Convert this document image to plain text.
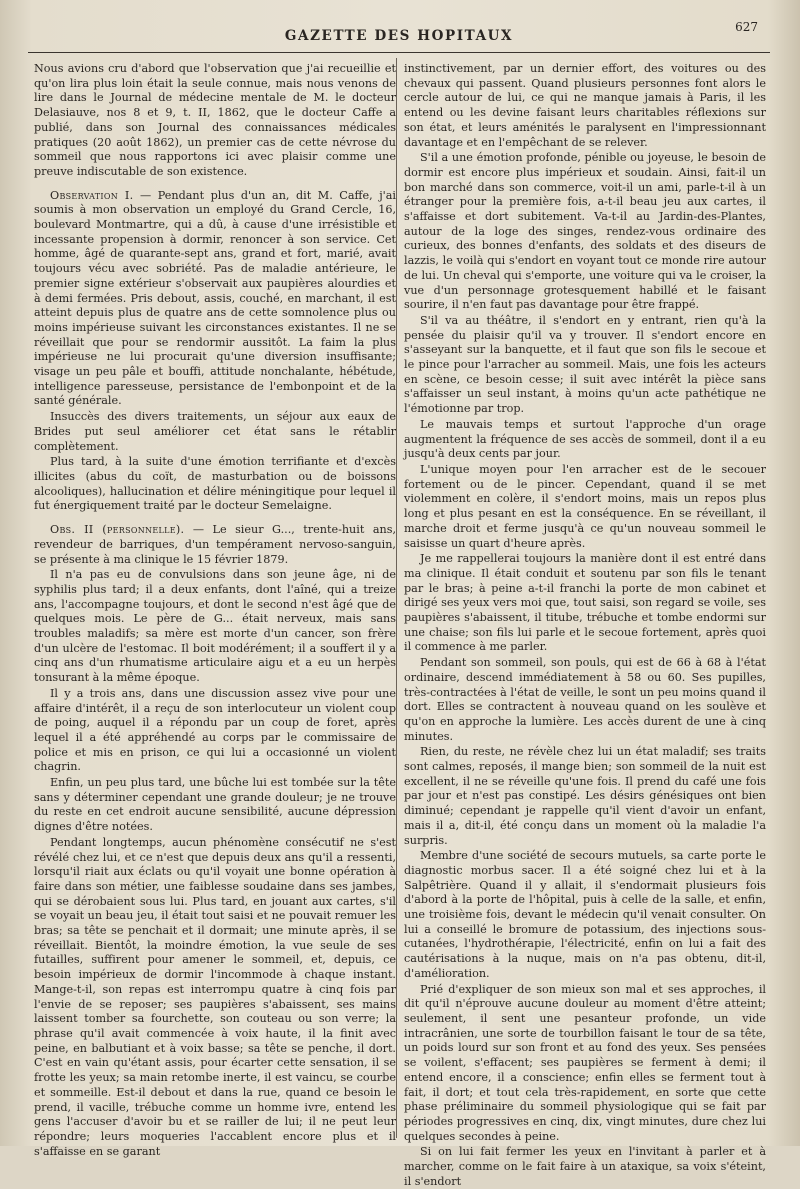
GAZETTE DES HOPITAUX
627

Nous avions cru d'abord que l'observation que j'ai recueillie et qu'on lira plus loin était la seule connue, mais nous venons de lire dans le Journal de médecine mentale de M. le docteur Delasiauve, nos 8 et 9, t. II, 1862, que le docteur Caffe a publié, dans son Journal des connaissances médicales pratiques (20 août 1862), un premier cas de cette névrose du sommeil que nous rapportons ici avec plaisir comme une preuve indiscutable de son existence.

Observation I. — Pendant plus d'un an, dit M. Caffe, j'ai soumis à mon observation un employé du Grand Cercle, 16, boulevard Montmartre, qui a dû, à cause d'une irrésistible et incessante propension à dormir, renoncer à son service. Cet homme, âgé de quarante-sept ans, grand et fort, marié, avait toujours vécu avec sobriété. Pas de maladie antérieure, le premier signe extérieur s'observait aux paupières alourdies et à demi fermées. Pris debout, assis, couché, en marchant, il est atteint depuis plus de quatre ans de cette somnolence plus ou moins impérieuse suivant les circonstances existantes. Il ne se réveillait que pour se rendormir aussitôt. La faim la plus impérieuse ne lui procurait qu'une diversion insuffisante; visage un peu pâle et bouffi, attitude nonchalante, hébétude, intelligence paresseuse, persistance de l'embonpoint et de la santé générale.

Insuccès des divers traitements, un séjour aux eaux de Brides put seul améliorer cet état sans le rétablir complètement.

Plus tard, à la suite d'une émotion terrifiante et d'excès illicites (abus du coït, de masturbation ou de boissons alcooliques), hallucination et délire méningitique pour lequel il fut énergiquement traité par le docteur Semelaigne.

Obs. II (personnelle). — Le sieur G..., trente-huit ans, revendeur de barriques, d'un tempérament nervoso-sanguin, se présente à ma clinique le 15 février 1879.

Il n'a pas eu de convulsions dans son jeune âge, ni de syphilis plus tard; il a deux enfants, dont l'aîné, qui a treize ans, l'accompagne toujours, et dont le second n'est âgé que de quelques mois. Le père de G... était nerveux, mais sans troubles maladifs; sa mère est morte d'un cancer, son frère d'un ulcère de l'estomac. Il boit modérément; il a souffert il y a cinq ans d'un rhumatisme articulaire aigu et a eu un herpès tonsurant à la même époque.

Il y a trois ans, dans une discussion assez vive pour une affaire d'intérêt, il a reçu de son interlocuteur un violent coup de poing, auquel il a répondu par un coup de foret, après lequel il a été appréhendé au corps par le commissaire de police et mis en prison, ce qui lui a occasionné un violent chagrin.

Enfin, un peu plus tard, une bûche lui est tombée sur la tête sans y déterminer cependant une grande douleur; je ne trouve du reste en cet endroit aucune sensibilité, aucune dépression dignes d'être notées.

Pendant longtemps, aucun phénomène consécutif ne s'est révélé chez lui, et ce n'est que depuis deux ans qu'il a ressenti, lorsqu'il riait aux éclats ou qu'il voyait une bonne opération à faire dans son métier, une faiblesse soudaine dans ses jambes, qui se dérobaient sous lui. Plus tard, en jouant aux cartes, s'il se voyait un beau jeu, il était tout saisi et ne pouvait remuer les bras; sa tête se penchait et il dormait; une minute après, il se réveillait. Bientôt, la moindre émotion, la vue seule de ses futailles, suffirent pour amener le sommeil, et, depuis, ce besoin impérieux de dormir l'incommode à chaque instant. Mange-t-il, son repas est interrompu quatre à cinq fois par l'envie de se reposer; ses paupières s'abaissent, ses mains laissent tomber sa fourchette, son couteau ou son verre; la phrase qu'il avait commencée à voix haute, il la finit avec peine, en balbutiant et à voix basse; sa tête se penche, il dort. C'est en vain qu'étant assis, pour écarter cette sensation, il se frotte les yeux; sa main retombe inerte, il est vaincu, se courbe et sommeille. Est-il debout et dans la rue, quand ce besoin le prend, il vacille, trébuche comme un homme ivre, entend les gens l'accuser d'avoir bu et se railler de lui; il ne peut leur répondre; leurs moqueries l'accablent encore plus et il s'affaisse en se garant

instinctivement, par un dernier effort, des voitures ou des chevaux qui passent. Quand plusieurs personnes font alors le cercle autour de lui, ce qui ne manque jamais à Paris, il les entend ou les devine faisant leurs charitables réflexions sur son état, et leurs aménités le paralysent en l'impressionnant davantage et en l'empêchant de se relever.

S'il a une émotion profonde, pénible ou joyeuse, le besoin de dormir est encore plus impérieux et soudain. Ainsi, fait-il un bon marché dans son commerce, voit-il un ami, parle-t-il à un étranger pour la première fois, a-t-il beau jeu aux cartes, il s'affaisse et dort subitement. Va-t-il au Jardin-des-Plantes, autour de la loge des singes, rendez-vous ordinaire des curieux, des bonnes d'enfants, des soldats et des diseurs de lazzis, le voilà qui s'endort en voyant tout ce monde rire autour de lui. Un cheval qui s'emporte, une voiture qui va le croiser, la vue d'un personnage grotesquement habillé et le faisant sourire, il n'en faut pas davantage pour être frappé.

S'il va au théâtre, il s'endort en y entrant, rien qu'à la pensée du plaisir qu'il va y trouver. Il s'endort encore en s'asseyant sur la banquette, et il faut que son fils le secoue et le pince pour l'arracher au sommeil. Mais, une fois les acteurs en scène, ce besoin cesse; il suit avec intérêt la pièce sans s'affaisser un seul instant, à moins qu'un acte pathétique ne l'émotionne par trop.

Le mauvais temps et surtout l'approche d'un orage augmentent la fréquence de ses accès de sommeil, dont il a eu jusqu'à deux cents par jour.

L'unique moyen pour l'en arracher est de le secouer fortement ou de le pincer. Cependant, quand il se met violemment en colère, il s'endort moins, mais un repos plus long et plus pesant en est la conséquence. En se réveillant, il marche droit et ferme jusqu'à ce qu'un nouveau sommeil le saisisse un quart d'heure après.

Je me rappellerai toujours la manière dont il est entré dans ma clinique. Il était conduit et soutenu par son fils le tenant par le bras; à peine a-t-il franchi la porte de mon cabinet et dirigé ses yeux vers moi que, tout saisi, son regard se voile, ses paupières s'abaissent, il titube, trébuche et tombe endormi sur une chaise; son fils lui parle et le secoue fortement, après quoi il commence à me parler.

Pendant son sommeil, son pouls, qui est de 66 à 68 à l'état ordinaire, descend immédiatement à 58 ou 60. Ses pupilles, très-contractées à l'état de veille, le sont un peu moins quand il dort. Elles se contractent à nouveau quand on les soulève et qu'on en approche la lumière. Les accès durent de une à cinq minutes.

Rien, du reste, ne révèle chez lui un état maladif; ses traits sont calmes, reposés, il mange bien; son sommeil de la nuit est excellent, il ne se réveille qu'une fois. Il prend du café une fois par jour et n'est pas constipé. Les désirs génésiques ont bien diminué; cependant je rappelle qu'il vient d'avoir un enfant, mais il a, dit-il, été conçu dans un moment où la maladie l'a surpris.

Membre d'une société de secours mutuels, sa carte porte le diagnostic morbus sacer. Il a été soigné chez lui et à la Salpêtrière. Quand il y allait, il s'endormait plusieurs fois d'abord à la porte de l'hôpital, puis à celle de la salle, et enfin, une troisième fois, devant le médecin qu'il venait consulter. On lui a conseillé le bromure de potassium, des injections sous-cutanées, l'hydrothérapie, l'électricité, enfin on lui a fait des cautérisations à la nuque, mais on n'a pas obtenu, dit-il, d'amélioration.

Prié d'expliquer de son mieux son mal et ses approches, il dit qu'il n'éprouve aucune douleur au moment d'être atteint; seulement, il sent une pesanteur profonde, un vide intracrânien, une sorte de tourbillon faisant le tour de sa tête, un poids lourd sur son front et au fond des yeux. Ses pensées se voilent, s'effacent; ses paupières se ferment à demi; il entend encore, il a conscience; enfin elles se ferment tout à fait, il dort; et tout cela très-rapidement, en sorte que cette phase préliminaire du sommeil physiologique qui se fait par périodes progressives en cinq, dix, vingt minutes, dure chez lui quelques secondes à peine.

Si on lui fait fermer les yeux en l'invitant à parler et à marcher, comme on le fait faire à un ataxique, sa voix s'éteint, il s'endort
